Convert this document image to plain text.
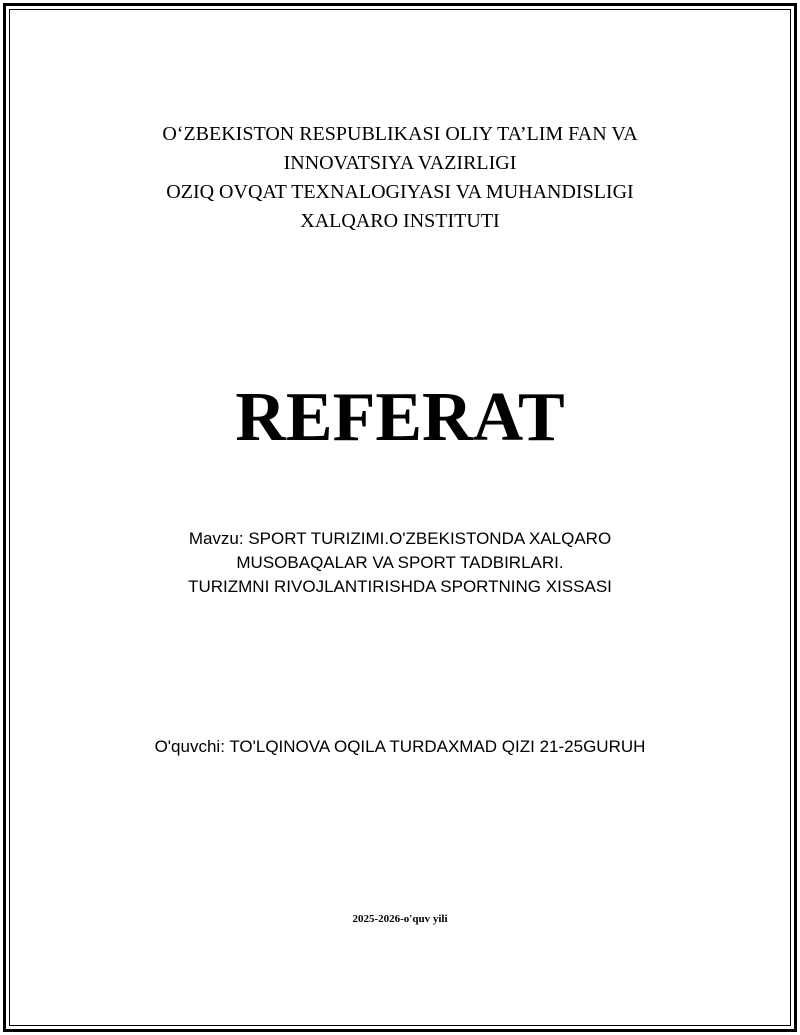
O‘ZBEKISTON RESPUBLIKASI OLIY TA’LIM FAN VA
INNOVATSIYA VAZIRLIGI
OZIQ OVQAT TEXNALOGIYASI VA MUHANDISLIGI
XALQARO INSTITUTI
REFERAT
Mavzu: SPORT TURIZIMI.O'ZBEKISTONDA XALQARO
MUSOBAQALAR VA SPORT TADBIRLARI.
TURIZMNI RIVOJLANTIRISHDA SPORTNING XISSASI
O'quvchi: TO'LQINOVA OQILA TURDAXMAD QIZI 21-25GURUH
2025-2026-o'quv yili
